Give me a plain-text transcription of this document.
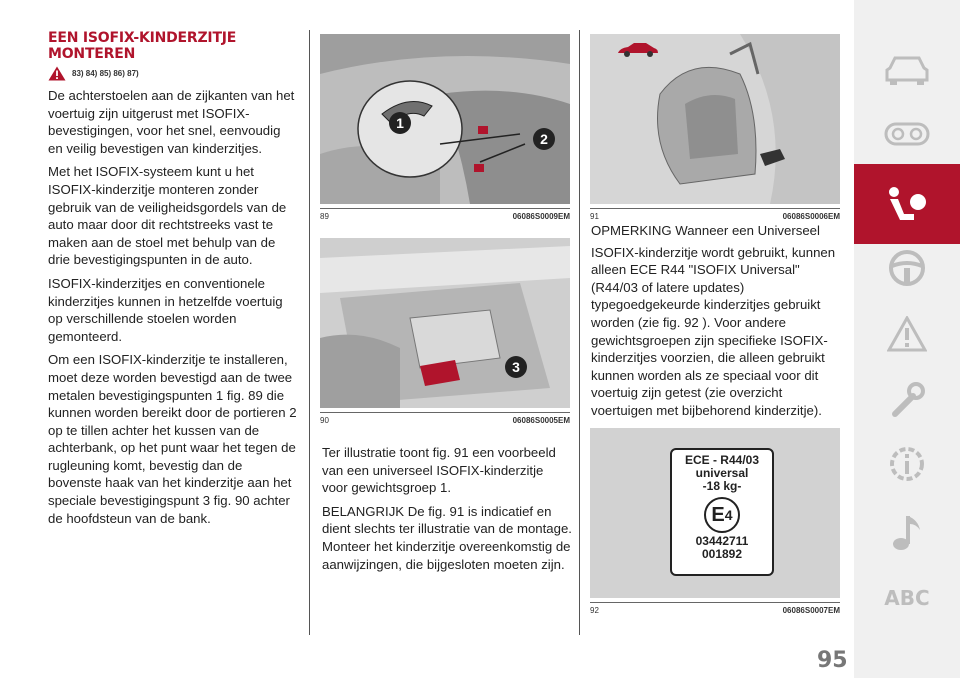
EEN ISOFIX-KINDERZITJE MONTEREN
83) 84) 85) 86) 87)

De achterstoelen aan de zijkanten van het voertuig zijn uitgerust met ISOFIX-bevestigingen, voor het snel, eenvoudig en veilig bevestigen van kinderzitjes.

Met het ISOFIX-systeem kunt u het ISOFIX-kinderzitje monteren zonder gebruik van de veiligheidsgordels van de auto maar door dit rechtstreeks vast te maken aan de stoel met behulp van de drie bevestigingspunten in de auto.

ISOFIX-kinderzitjes en conventionele kinderzitjes kunnen in hetzelfde voertuig op verschillende stoelen worden gemonteerd.

Om een ISOFIX-kinderzitje te installeren, moet deze worden bevestigd aan de twee metalen bevestigingspunten 1 fig. 89 die kunnen worden bereikt door de portieren 2 op te tillen achter het kussen van de achterbank, op het punt waar het tegen de rugleuning komt, bevestig dan de bovenste haak van het kinderzitje aan het speciale bevestigingspunt 3 fig. 90 achter de hoofdsteun van de bank.

1
2
89	06086S0009EM
3
90	06086S0005EM

Ter illustratie toont fig. 91 een voorbeeld van een universeel ISOFIX-kinderzitje voor gewichtsgroep 1.

BELANGRIJK De fig. 91 is indicatief en dient slechts ter illustratie van de montage. Monteer het kinderzitje overeenkomstig de aanwijzingen, die bijgesloten moeten zijn.

91	06086S0006EM

OPMERKING Wanneer een Universeel

ISOFIX-kinderzitje wordt gebruikt, kunnen alleen ECE R44 "ISOFIX Universal" (R44/03 of latere updates) typegoedgekeurde kinderzitjes gebruikt worden (zie fig. 92 ). Voor andere gewichtsgroepen zijn specifieke ISOFIX-kinderzitjes voorzien, die alleen gebruikt kunnen worden als ze speciaal voor dit voertuig zijn getest (zie overzicht voertuigen met bijbehorend kinderzitje).

ECE - R44/03
universal
-18 kg-
E 4
03442711
001892
92	06086S0007EM
ABC
95
